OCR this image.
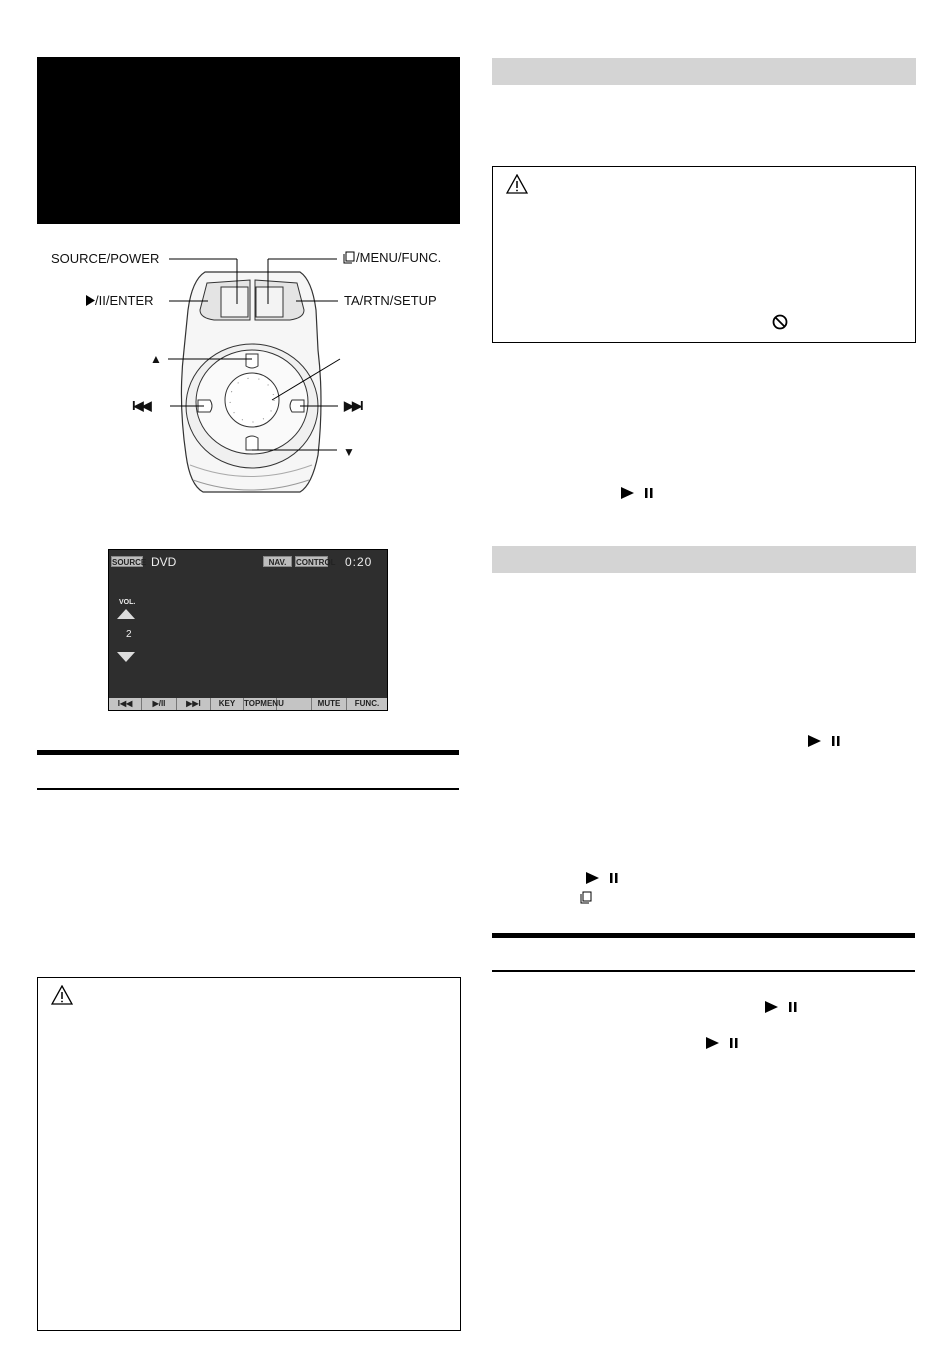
SOURCE/POWER	/MENU/FUNC.
/II/ENTER	TA/RTN/SETUP
▲
I◀◀	▶▶I
▼
SOURCE DVD	NAV.	CONTROL 0:20
VOL.
2
I◀◀	▶/II	▶▶I	KEY	TOPMENU	MUTE	FUNC.
